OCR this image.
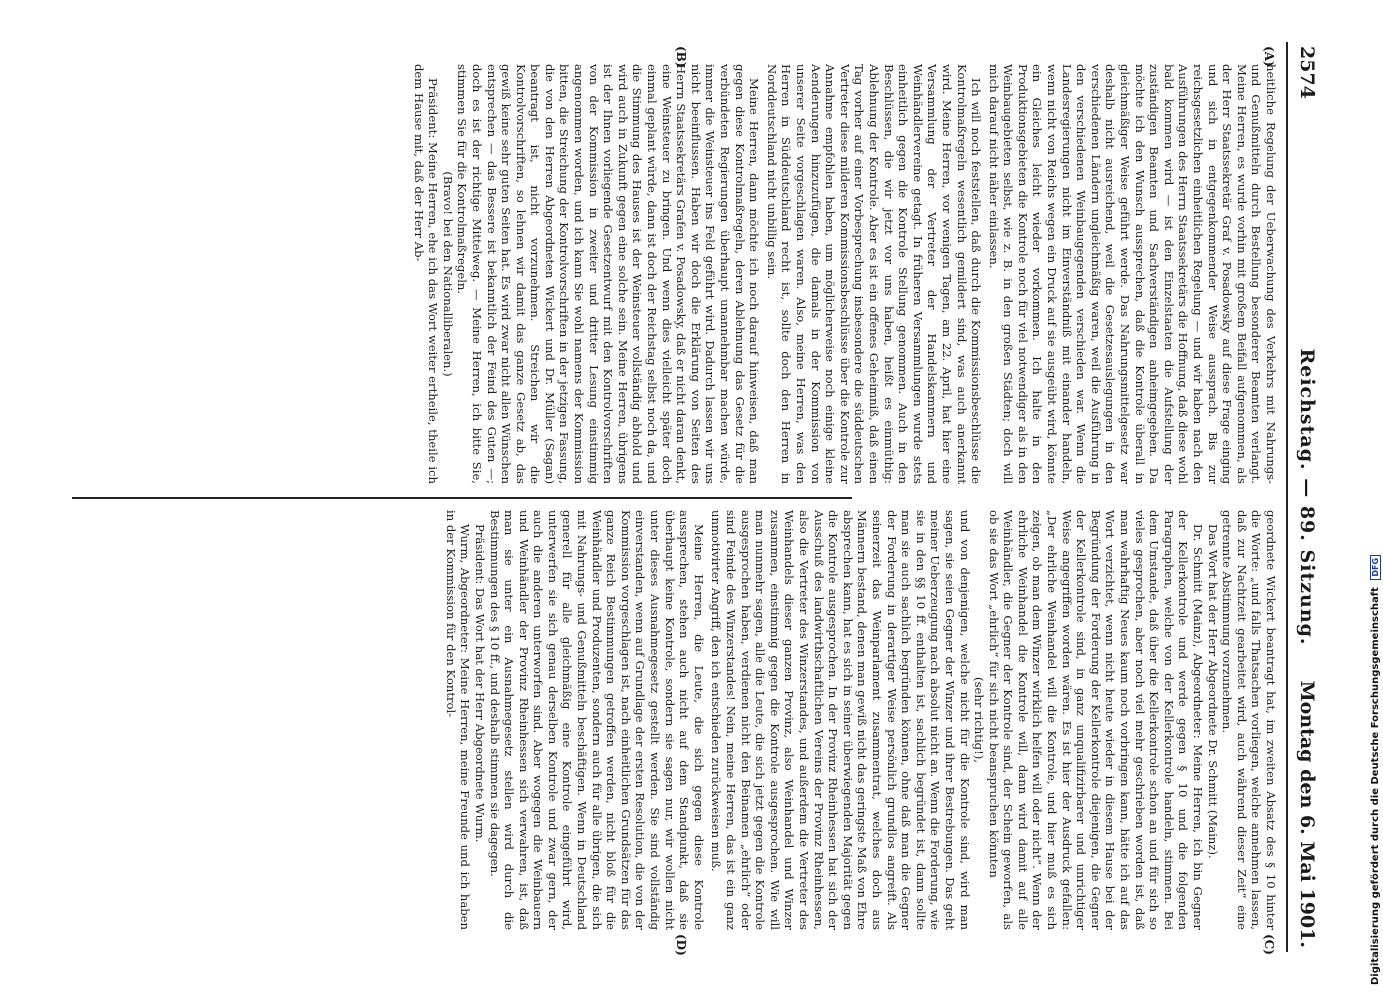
2574
Reichstag. — 89. Sitzung.
Montag den 6. Mai 1901.
(A)
(B)
(C)
(D)

heitliche Regelung der Ueberwachung des Verkehrs mit Nahrungs- und Genußmitteln durch Bestellung besonderer Beamten verlangt. Meine Herren, es wurde vorhin mit großem Beifall aufgenommen, als der Herr Staatssekretär Graf v. Posadowsky auf diese Frage einging und sich in entgegenkommender Weise aussprach. Bis zur reichsgesetzlichen einheitlichen Regelung — und wir haben nach den Ausführungen des Herrn Staatssekretärs die Hoffnung, daß diese wohl bald kommen wird — ist den Einzelstaaten die Aufstellung der zuständigen Beamten und Sachverständigen anheimgegeben. Da möchte ich den Wunsch aussprechen, daß die Kontrole überall in gleichmäßiger Weise geführt werde. Das Nahrungsmittelgesetz war deshalb nicht ausreichend, weil die Gesetzesauslegungen in den verschiedenen Ländern ungleichmäßig waren, weil die Ausführung in den verschiedenen Weinbaugegenden verschieden war. Wenn die Landesregierungen nicht im Einverständniß mit einander handeln, wenn nicht von Reichs wegen ein Druck auf sie ausgeübt wird, könnte ein Gleiches leicht wieder vorkommen. Ich halte in den Produktionsgebieten die Kontrole noch für viel notwendiger als in den Weinbaugebieten selbst, wie z. B. in den großen Städten; doch will mich darauf nicht näher einlassen.

Ich will noch feststellen, daß durch die Kommissionsbeschlüsse die Kontrolmaßregeln wesentlich gemildert sind, was auch anerkannt wird. Meine Herren, vor wenigen Tagen, am 22. April, hat hier eine Versammlung der Vertreter der Handelskammern und Weinhändlervereine getagt. In früheren Versammlungen wurde stets einheitlich gegen die Kontrole Stellung genommen. Auch in den Beschlüssen, die wir jetzt vor uns haben, heißt es einmüthig: Ablehnung der Kontrole. Aber es ist ein offenes Geheimniß, daß einen Tag vorher auf einer Vorbesprechung insbesondere die süddeutschen Vertreter diese milderen Kommissionsbeschlüsse über die Kontrole zur Annahme empfohlen haben, um möglicherweise noch einige kleine Aenderungen hinzuzufügen, die damals in der Kommission von unserer Seite vorgeschlagen waren. Also, meine Herren, was den Herren in Süddeutschland recht ist, sollte doch den Herren in Norddeutschland nicht unbillig sein.

Meine Herren, dann möchte ich noch darauf hinweisen, daß man gegen diese Kontrolmaßregeln, deren Ablehnung das Gesetz für die verbündeten Regierungen überhaupt unannehmbar machen würde, immer die Weinsteuer ins Feld geführt wird. Dadurch lassen wir uns nicht beeinflussen. Haben wir doch die Erklärung von Seiten des Herrn Staatssekretärs Grafen v. Posadowsky, daß er nicht daran denkt, eine Weinsteuer zu bringen. Und wenn dies vielleicht später doch einmal geplant würde, dann ist doch der Reichstag selbst noch da, und die Stimmung des Hauses ist der Weinsteuer vollständig abhold und wird auch in Zukunft gegen eine solche sein. Meine Herren, übrigens ist der Ihnen vorliegende Gesetzentwurf mit den Kontrolvorschriften von der Kommission in zweiter und dritter Lesung einstimmig angenommen worden, und ich kann Sie wohl namens der Kommission bitten, die Streichung der Kontrolvorschriften in der jetzigen Fassung, die von den Herren Abgeordneten Wickert und Dr. Müller (Sagan) beantragt ist, nicht vorzunehmen. Streichen wir die Kontrolvorschriften, so lehnen wir damit das ganze Gesetz ab, das gewiß keine sehr guten Seiten hat. Es wird zwar nicht allen Wünschen entsprechen — das Bessere ist bekanntlich der Feind des Guten —; doch es ist der richtige Mittelweg. — Meine Herren, ich bitte Sie, stimmen Sie für die Kontrolmaßregeln.

(Bravo! bei den Nationalliberalen.)

Präsident: Meine Herren, ehe ich das Wort weiter ertheile, theile ich dem Hause mit, daß der Herr Ab-

geordnete Wickert beantragt hat, im zweiten Absatz des § 10 hinter die Worte: „und falls Thatsachen vorliegen, welche annehmen lassen, daß zur Nachtzeit gearbeitet wird, auch während dieser Zeit“ eine getrennte Abstimmung vorzunehmen.

Das Wort hat der Herr Abgeordnete Dr. Schmitt (Mainz).

Dr. Schmitt (Mainz), Abgeordneter: Meine Herren, ich bin Gegner der Kellerkontrole und werde gegen § 10 und die folgenden Paragraphen, welche von der Kellerkontrole handeln, stimmen. Bei dem Umstande, daß über die Kellerkontrole schon an und für sich so vieles gesprochen, aber noch viel mehr geschrieben worden ist, daß man wahrhaftig Neues kaum noch vorbringen kann, hätte ich auf das Wort verzichtet, wenn nicht heute wieder in diesem Hause bei der Begründung der Forderung der Kellerkontrole diejenigen, die Gegner der Kellerkontrole sind, in ganz unqualifizirbarer und unrichtiger Weise angegriffen worden wären. Es ist hier der Ausdruck gefallen: „Der ehrliche Weinhandel will die Kontrole, und hier muß es sich zeigen, ob man dem Winzer wirklich helfen will oder nicht“. Wenn der ehrliche Weinhandel die Kontrole will, dann wird damit auf alle Weinhändler, die Gegner der Kontrole sind, der Schein geworfen, als ob sie das Wort „ehrlich“ für sich nicht beanspruchen könnten

(sehr richtig!),

und von denjenigen, welche nicht für die Kontrole sind, wird man sagen, sie seien Gegner der Winzer und ihrer Bestrebungen. Das geht meiner Ueberzeugung nach absolut nicht an. Wenn die Forderung, wie sie in den §§ 10 ff. enthalten ist, sachlich begründet ist, dann sollte man sie auch sachlich begründen können, ohne daß man die Gegner der Forderung in derartiger Weise persönlich grundlos angreift. Als seinerzeit das Weinparlament zusammentrat, welches doch aus Männern bestand, denen man gewiß nicht das geringste Maß von Ehre absprechen kann, hat es sich in seiner überwiegenden Majorität gegen die Kontrole ausgesprochen. In der Provinz Rheinhessen hat sich der Ausschuß des landwirthschaftlichen Vereins der Provinz Rheinhessen, also die Vertreter des Winzerstandes, und außerdem die Vertreter des Weinhandels dieser ganzen Provinz, also Weinhandel und Winzer zusammen, einstimmig gegen die Kontrole ausgesprochen. Wie will man nunmehr sagen, alle die Leute, die sich jetzt gegen die Kontrole ausgesprochen haben, verdienen nicht den Beinamen „ehrlich“ oder sind Feinde des Winzerstandes! Nein, meine Herren, das ist ein ganz unmotivirter Angriff, den ich entschieden zurückweisen muß.

Meine Herren, die Leute, die sich gegen diese Kontrole aussprechen, stehen auch nicht auf dem Standpunkt, daß sie überhaupt keine Kontrole, sondern sie sagen nur, wir wollen nicht unter dieses Ausnahmegesetz gestellt werden. Sie sind vollständig einverstanden, wenn auf Grundlage der ersten Resolution, die von der Kommission vorgeschlagen ist, nach einheitlichen Grundsätzen für das ganze Reich Bestimmungen getroffen werden, nicht bloß für die Weinhändler und Produzenten, sondern auch für alle übrigen, die sich mit Nahrungs- und Genußmitteln beschäftigen. Wenn in Deutschland generell für alle gleichmäßig eine Kontrole eingeführt wird, unterwerfen sie sich genau derselben Kontrole und zwar gern, der auch die anderen unterworfen sind. Aber wogegen die Weinbauern und Weinhändler der Provinz Rheinhessen sich verwahren, ist, daß man sie unter ein Ausnahmegesetz stellen wird durch die Bestimmungen des § 10 ff., und deshalb stimmen sie dagegen.

Präsident: Das Wort hat der Herr Abgeordnete Wurm.

Wurm, Abgeordneter: Meine Herren, meine Freunde und ich haben in der Kommission für den Kontrol-	Digitalisierung gefördert durch die Deutsche Forschungsgemeinschaft DFG
